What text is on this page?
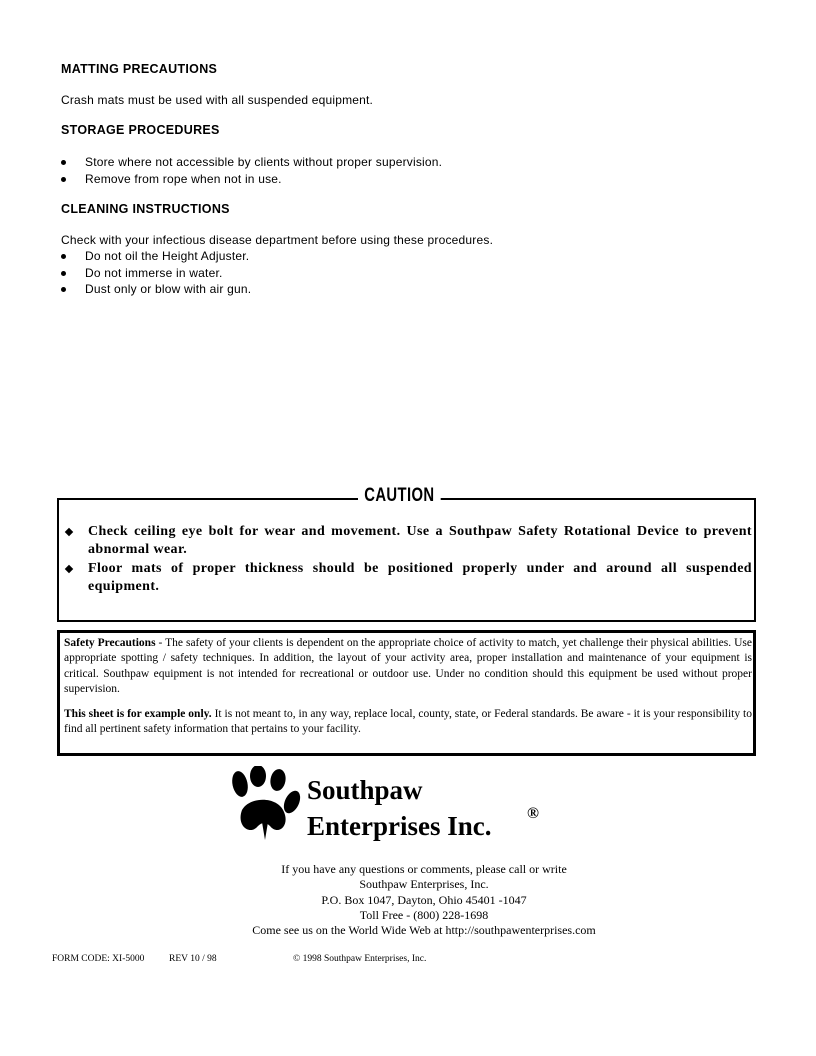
MATTING PRECAUTIONS
Crash mats must be used with all suspended equipment.
STORAGE PROCEDURES
Store where not accessible by clients without proper supervision.
Remove from rope when not in use.
CLEANING INSTRUCTIONS
Check with your infectious disease department before using these procedures.
Do not oil the Height Adjuster.
Do not immerse in water.
Dust only or blow with air gun.
CAUTION
Check ceiling eye bolt for wear and movement. Use a Southpaw Safety Rotational Device to prevent abnormal wear.
Floor mats of proper thickness should be positioned properly under and around all suspended equipment.

Safety Precautions - The safety of your clients is dependent on the appropriate choice of activity to match, yet challenge their physical abilities. Use appropriate spotting / safety techniques. In addition, the layout of your activity area, proper installation and maintenance of your equipment is critical. Southpaw equipment is not intended for recreational or outdoor use. Under no condition should this equipment be used without proper supervision.

This sheet is for example only. It is not meant to, in any way, replace local, county, state, or Federal standards. Be aware - it is your responsibility to find all pertinent safety information that pertains to your facility.

Southpaw
Enterprises Inc. ®
If you have any questions or comments, please call or write
Southpaw Enterprises, Inc.
P.O. Box 1047, Dayton, Ohio 45401 -1047
Toll Free - (800) 228-1698
Come see us on the World Wide Web at http://southpawenterprises.com
FORM CODE: XI-5000	REV 10 / 98	© 1998 Southpaw Enterprises, Inc.
